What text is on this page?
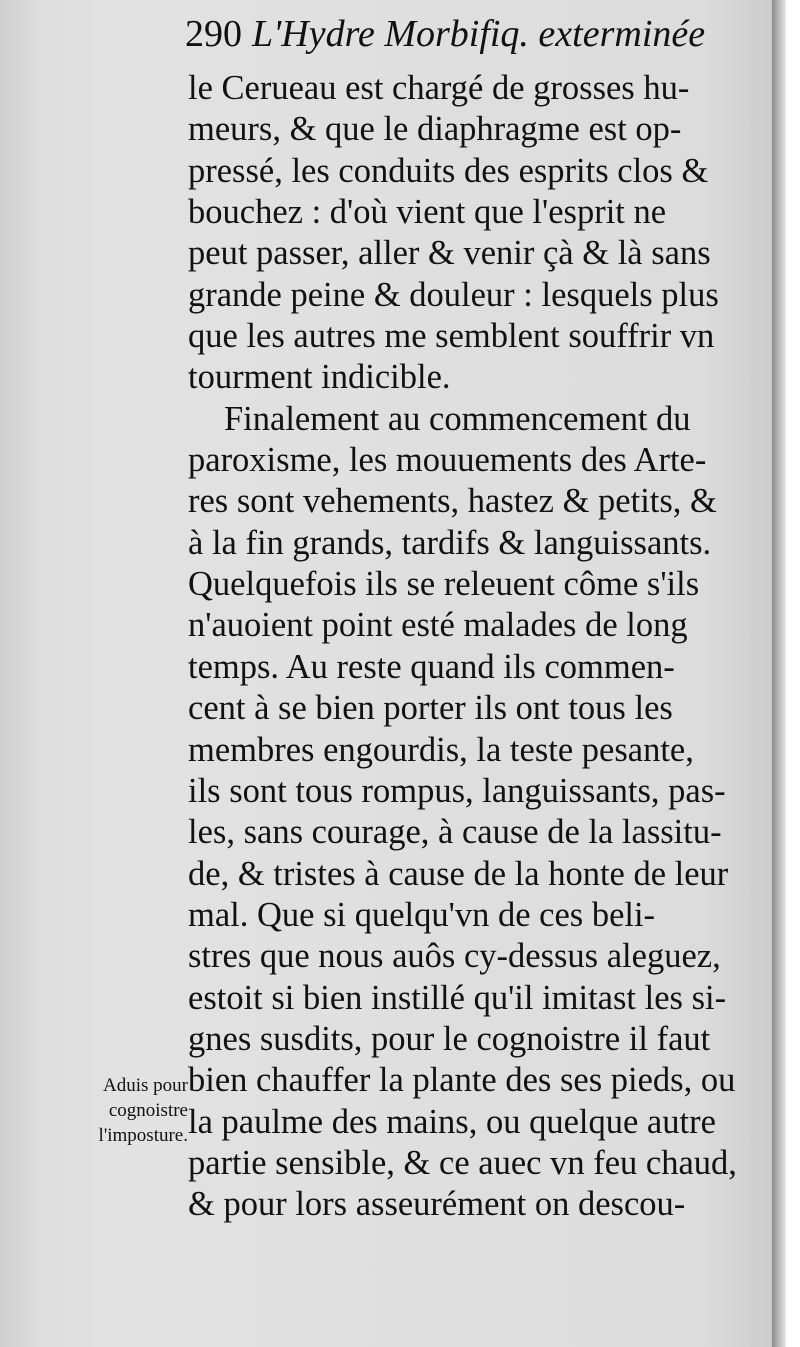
290 L'Hydre Morbifiq. exterminée
le Cerueau est chargé de grosses hu-
meurs, & que le diaphragme est op-
pressé, les conduits des esprits clos &
bouchez : d'où vient que l'esprit ne
peut passer, aller & venir çà & là sans
grande peine & douleur : lesquels plus
que les autres me semblent souffrir vn
tourment indicible.
Finalement au commencement du
paroxisme, les mouuements des Arte-
res sont vehements, hastez & petits, &
à la fin grands, tardifs & languissants.
Quelquefois ils se releuent côme s'ils
n'auoient point esté malades de long
temps. Au reste quand ils commen-
cent à se bien porter ils ont tous les
membres engourdis, la teste pesante,
ils sont tous rompus, languissants, pas-
les, sans courage, à cause de la lassitu-
de, & tristes à cause de la honte de leur
mal. Que si quelqu'vn de ces beli-
stres que nous auôs cy-dessus aleguez,
estoit si bien instillé qu'il imitast les si-
gnes susdits, pour le cognoistre il faut
bien chauffer la plante des ses pieds, ou
la paulme des mains, ou quelque autre
partie sensible, & ce auec vn feu chaud,
& pour lors asseurément on descou-
Aduis pour
cognoistre
l'imposture.
